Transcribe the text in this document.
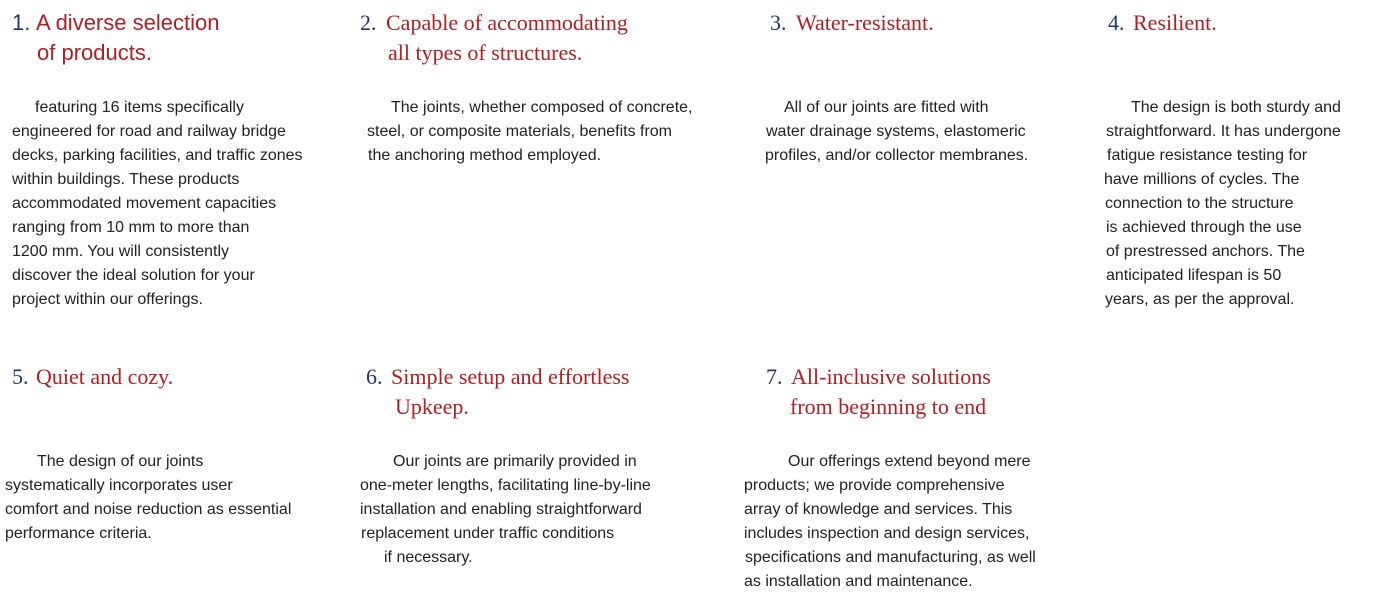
1. A diverse selection
of products.
featuring 16 items specifically
engineered for road and railway bridge
decks, parking facilities, and traffic zones
within buildings. These products
accommodated movement capacities
ranging from 10 mm to more than
1200 mm. You will consistently
discover the ideal solution for your
project within our offerings.
2. Capable of accommodating
all types of structures.
The joints, whether composed of concrete,
steel, or composite materials, benefits from
the anchoring method employed.
3. Water-resistant.
All of our joints are fitted with
water drainage systems, elastomeric
profiles, and/or collector membranes.
4. Resilient.
The design is both sturdy and
straightforward. It has undergone
fatigue resistance testing for
have millions of cycles. The
connection to the structure
is achieved through the use
of prestressed anchors. The
anticipated lifespan is 50
years, as per the approval.
5. Quiet and cozy.
The design of our joints
systematically incorporates user
comfort and noise reduction as essential
performance criteria.
6. Simple setup and effortless
Upkeep.
Our joints are primarily provided in
one-meter lengths, facilitating line-by-line
installation and enabling straightforward
replacement under traffic conditions
if necessary.
7. All-inclusive solutions
from beginning to end
Our offerings extend beyond mere
products; we provide comprehensive
array of knowledge and services. This
includes inspection and design services,
specifications and manufacturing, as well
as installation and maintenance.
